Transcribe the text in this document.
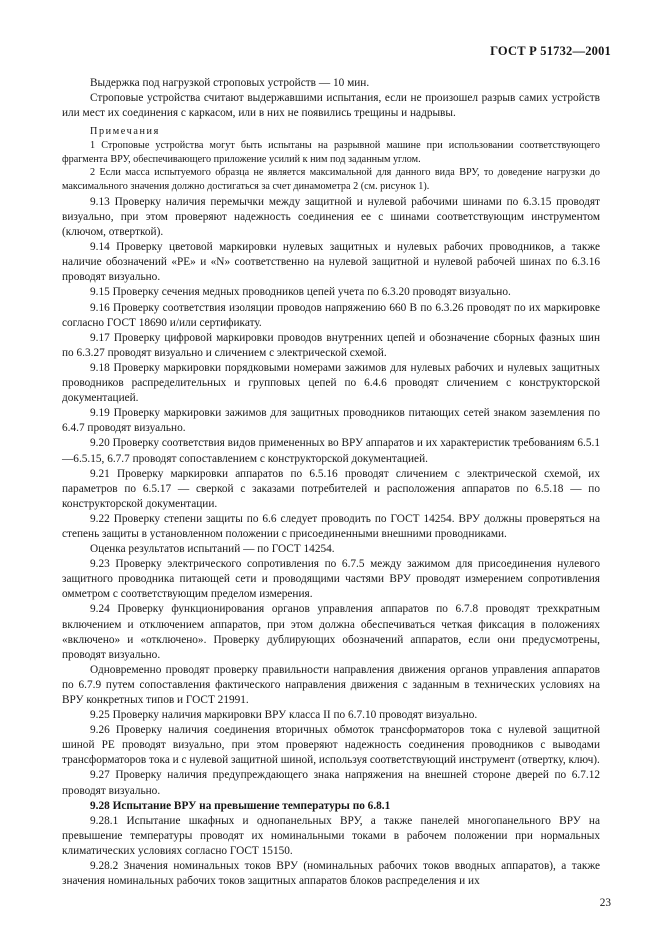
ГОСТ Р 51732—2001

Выдержка под нагрузкой строповых устройств — 10 мин.

Строповые устройства считают выдержавшими испытания, если не произошел разрыв самих устройств или мест их соединения с каркасом, или в них не появились трещины и надрывы.

Примечания

1 Строповые устройства могут быть испытаны на разрывной машине при использовании соответствующего фрагмента ВРУ, обеспечивающего приложение усилий к ним под заданным углом.

2 Если масса испытуемого образца не является максимальной для данного вида ВРУ, то доведение нагрузки до максимального значения должно достигаться за счет динамометра 2 (см. рисунок 1).

9.13 Проверку наличия перемычки между защитной и нулевой рабочими шинами по 6.3.15 проводят визуально, при этом проверяют надежность соединения ее с шинами соответствующим инструментом (ключом, отверткой).

9.14 Проверку цветовой маркировки нулевых защитных и нулевых рабочих проводников, а также наличие обозначений «PE» и «N» соответственно на нулевой защитной и нулевой рабочей шинах по 6.3.16 проводят визуально.

9.15 Проверку сечения медных проводников цепей учета по 6.3.20 проводят визуально.

9.16 Проверку соответствия изоляции проводов напряжению 660 В по 6.3.26 проводят по их маркировке согласно ГОСТ 18690 и/или сертификату.

9.17 Проверку цифровой маркировки проводов внутренних цепей и обозначение сборных фазных шин по 6.3.27 проводят визуально и сличением с электрической схемой.

9.18 Проверку маркировки порядковыми номерами зажимов для нулевых рабочих и нулевых защитных проводников распределительных и групповых цепей по 6.4.6 проводят сличением с конструкторской документацией.

9.19 Проверку маркировки зажимов для защитных проводников питающих сетей знаком заземления по 6.4.7 проводят визуально.

9.20 Проверку соответствия видов примененных во ВРУ аппаратов и их характеристик требованиям 6.5.1—6.5.15, 6.7.7 проводят сопоставлением с конструкторской документацией.

9.21 Проверку маркировки аппаратов по 6.5.16 проводят сличением с электрической схемой, их параметров по 6.5.17 — сверкой с заказами потребителей и расположения аппаратов по 6.5.18 — по конструкторской документации.

9.22 Проверку степени защиты по 6.6 следует проводить по ГОСТ 14254. ВРУ должны проверяться на степень защиты в установленном положении с присоединенными внешними проводниками.

Оценка результатов испытаний — по ГОСТ 14254.

9.23 Проверку электрического сопротивления по 6.7.5 между зажимом для присоединения нулевого защитного проводника питающей сети и проводящими частями ВРУ проводят измерением сопротивления омметром с соответствующим пределом измерения.

9.24 Проверку функционирования органов управления аппаратов по 6.7.8 проводят трехкратным включением и отключением аппаратов, при этом должна обеспечиваться четкая фиксация в положениях «включено» и «отключено». Проверку дублирующих обозначений аппаратов, если они предусмотрены, проводят визуально.

Одновременно проводят проверку правильности направления движения органов управления аппаратов по 6.7.9 путем сопоставления фактического направления движения с заданным в технических условиях на ВРУ конкретных типов и ГОСТ 21991.

9.25 Проверку наличия маркировки ВРУ класса II по 6.7.10 проводят визуально.

9.26 Проверку наличия соединения вторичных обмоток трансформаторов тока с нулевой защитной шиной PE проводят визуально, при этом проверяют надежность соединения проводников с выводами трансформаторов тока и с нулевой защитной шиной, используя соответствующий инструмент (отвертку, ключ).

9.27 Проверку наличия предупреждающего знака напряжения на внешней стороне дверей по 6.7.12 проводят визуально.

9.28 Испытание ВРУ на превышение температуры по 6.8.1

9.28.1 Испытание шкафных и однопанельных ВРУ, а также панелей многопанельного ВРУ на превышение температуры проводят их номинальными токами в рабочем положении при нормальных климатических условиях согласно ГОСТ 15150.

9.28.2 Значения номинальных токов ВРУ (номинальных рабочих токов вводных аппаратов), а также значения номинальных рабочих токов защитных аппаратов блоков распределения и их

23
